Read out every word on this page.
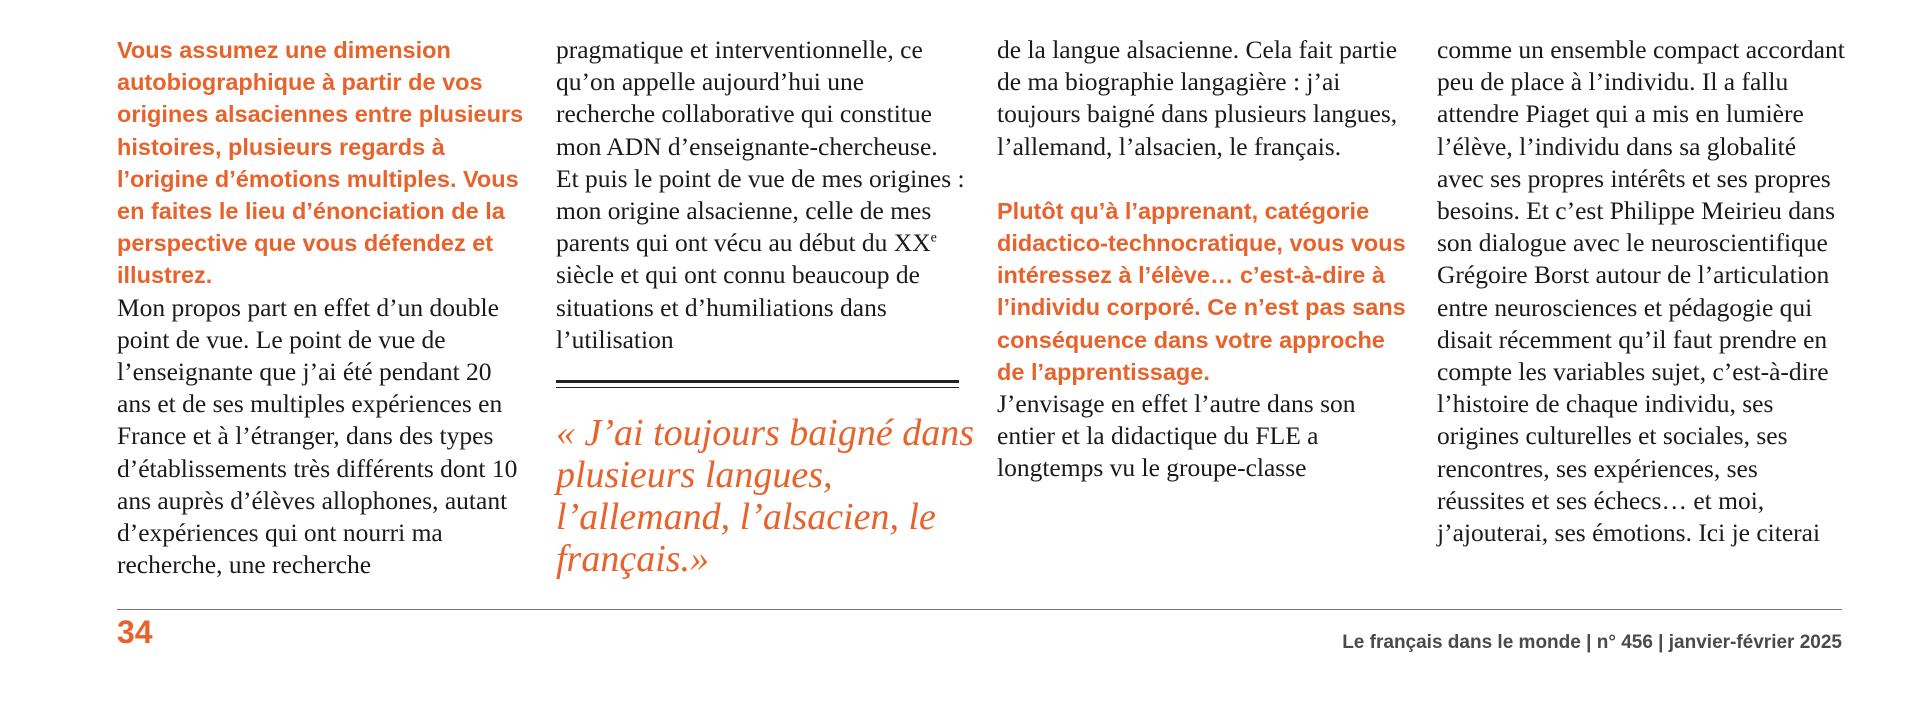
Vous assumez une dimension autobiographique à partir de vos origines alsaciennes entre plusieurs histoires, plusieurs regards à l’origine d’émotions multiples. Vous en faites le lieu d’énonciation de la perspective que vous défendez et illustrez.

Mon propos part en effet d’un double point de vue. Le point de vue de l’enseignante que j’ai été pendant 20 ans et de ses multiples expériences en France et à l’étranger, dans des types d’établissements très différents dont 10 ans auprès d’élèves allophones, autant d’expériences qui ont nourri ma recherche, une recherche

pragmatique et interventionnelle, ce qu’on appelle aujourd’hui une recherche collaborative qui constitue mon ADN d’enseignante-chercheuse. Et puis le point de vue de mes origines : mon origine alsacienne, celle de mes parents qui ont vécu au début du XXe siècle et qui ont connu beaucoup de situations et d’humiliations dans l’utilisation

« J’ai toujours baigné dans plusieurs langues, l’allemand, l’alsacien, le français.»

de la langue alsacienne. Cela fait partie de ma biographie langagière : j’ai toujours baigné dans plusieurs langues, l’allemand, l’alsacien, le français.

Plutôt qu’à l’apprenant, catégorie didactico-technocratique, vous vous intéressez à l’élève… c’est-à-dire à l’individu corporé. Ce n’est pas sans conséquence dans votre approche de l’apprentissage.

J’envisage en effet l’autre dans son entier et la didactique du FLE a longtemps vu le groupe-classe

comme un ensemble compact accordant peu de place à l’individu. Il a fallu attendre Piaget qui a mis en lumière l’élève, l’individu dans sa globalité avec ses propres intérêts et ses propres besoins. Et c’est Philippe Meirieu dans son dialogue avec le neuroscientifique Grégoire Borst autour de l’articulation entre neurosciences et pédagogie qui disait récemment qu’il faut prendre en compte les variables sujet, c’est-à-dire l’histoire de chaque individu, ses origines culturelles et sociales, ses rencontres, ses expériences, ses réussites et ses échecs… et moi, j’ajouterai, ses émotions. Ici je citerai

34	Le français dans le monde | n° 456 | janvier-février 2025
